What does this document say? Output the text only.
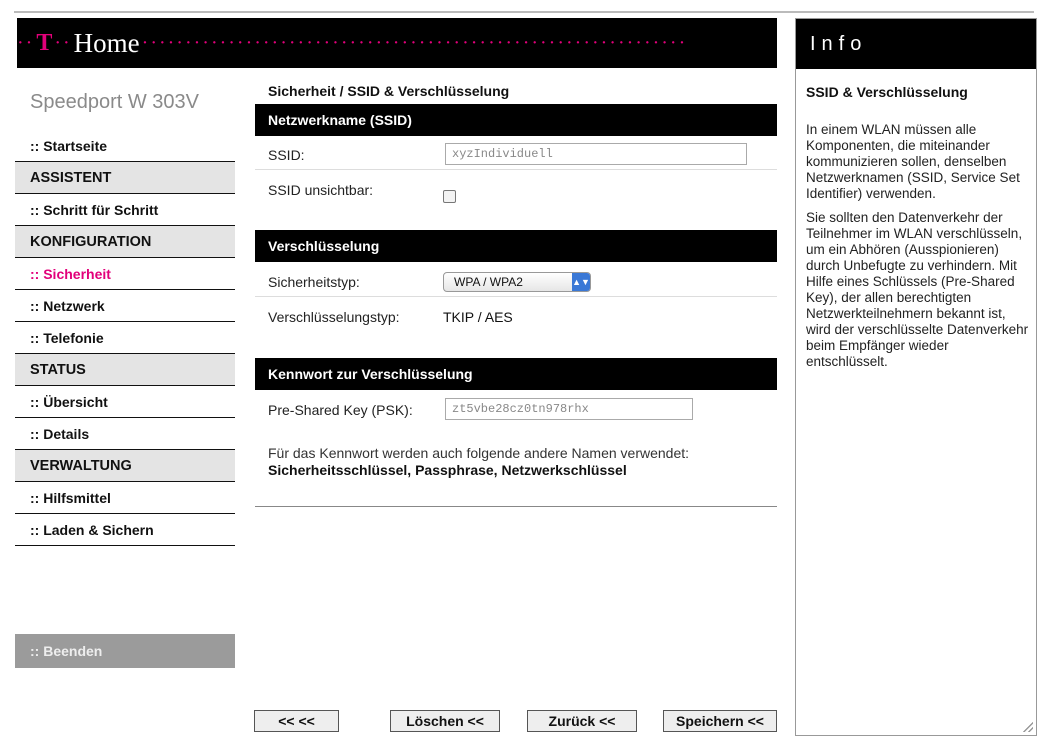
·· T ·· Home ·······························································
Speedport W 303V
:: Startseite
ASSISTENT
:: Schritt für Schritt
KONFIGURATION
:: Sicherheit
:: Netzwerk
:: Telefonie
STATUS
:: Übersicht
:: Details
VERWALTUNG
:: Hilfsmittel
:: Laden & Sichern
:: Beenden
Sicherheit / SSID & Verschlüsselung
Netzwerkname (SSID)
SSID:	xyzIndividuell
SSID unsichtbar:
Verschlüsselung
Sicherheitstyp:	WPA / WPA2	▲▼
Verschlüsselungstyp:	TKIP / AES
Kennwort zur Verschlüsselung
Pre-Shared Key (PSK):	zt5vbe28cz0tn978rhx
Für das Kennwort werden auch folgende andere Namen verwendet:
Sicherheitsschlüssel, Passphrase, Netzwerkschlüssel
<< <<	Löschen <<	Zurück <<	Speichern <<
Info
SSID & Verschlüsselung

In einem WLAN müssen alle Komponenten, die miteinander kommunizieren sollen, denselben Netzwerknamen (SSID, Service Set Identifier) verwenden.

Sie sollten den Datenverkehr der Teilnehmer im WLAN verschlüsseln, um ein Abhören (Ausspionieren) durch Unbefugte zu verhindern. Mit Hilfe eines Schlüssels (Pre-Shared Key), der allen berechtigten Netzwerkteilnehmern bekannt ist, wird der verschlüsselte Datenverkehr beim Empfänger wieder entschlüsselt.
